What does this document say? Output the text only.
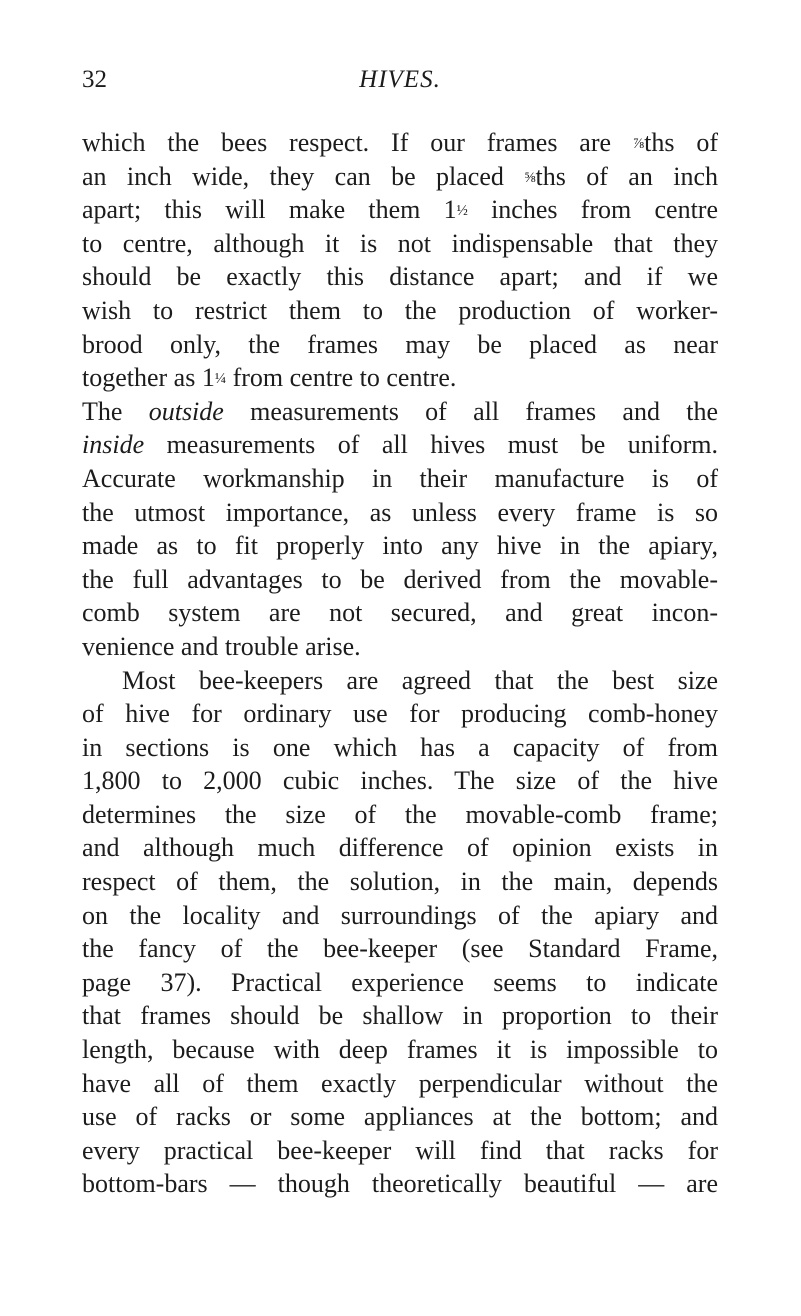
32	HIVES.
which the bees respect. If our frames are ⅞ths of
an inch wide, they can be placed ⅝ths of an inch
apart; this will make them 1½ inches from centre
to centre, although it is not indispensable that they
should be exactly this distance apart; and if we
wish to restrict them to the production of worker-
brood only, the frames may be placed as near
together as 1¼ from centre to centre.
The outside measurements of all frames and the
inside measurements of all hives must be uniform.
Accurate workmanship in their manufacture is of
the utmost importance, as unless every frame is so
made as to fit properly into any hive in the apiary,
the full advantages to be derived from the movable-
comb system are not secured, and great incon-
venience and trouble arise.
Most bee-keepers are agreed that the best size
of hive for ordinary use for producing comb-honey
in sections is one which has a capacity of from
1,800 to 2,000 cubic inches. The size of the hive
determines the size of the movable-comb frame;
and although much difference of opinion exists in
respect of them, the solution, in the main, depends
on the locality and surroundings of the apiary and
the fancy of the bee-keeper (see Standard Frame,
page 37). Practical experience seems to indicate
that frames should be shallow in proportion to their
length, because with deep frames it is impossible to
have all of them exactly perpendicular without the
use of racks or some appliances at the bottom; and
every practical bee-keeper will find that racks for
bottom-bars — though theoretically beautiful — are
